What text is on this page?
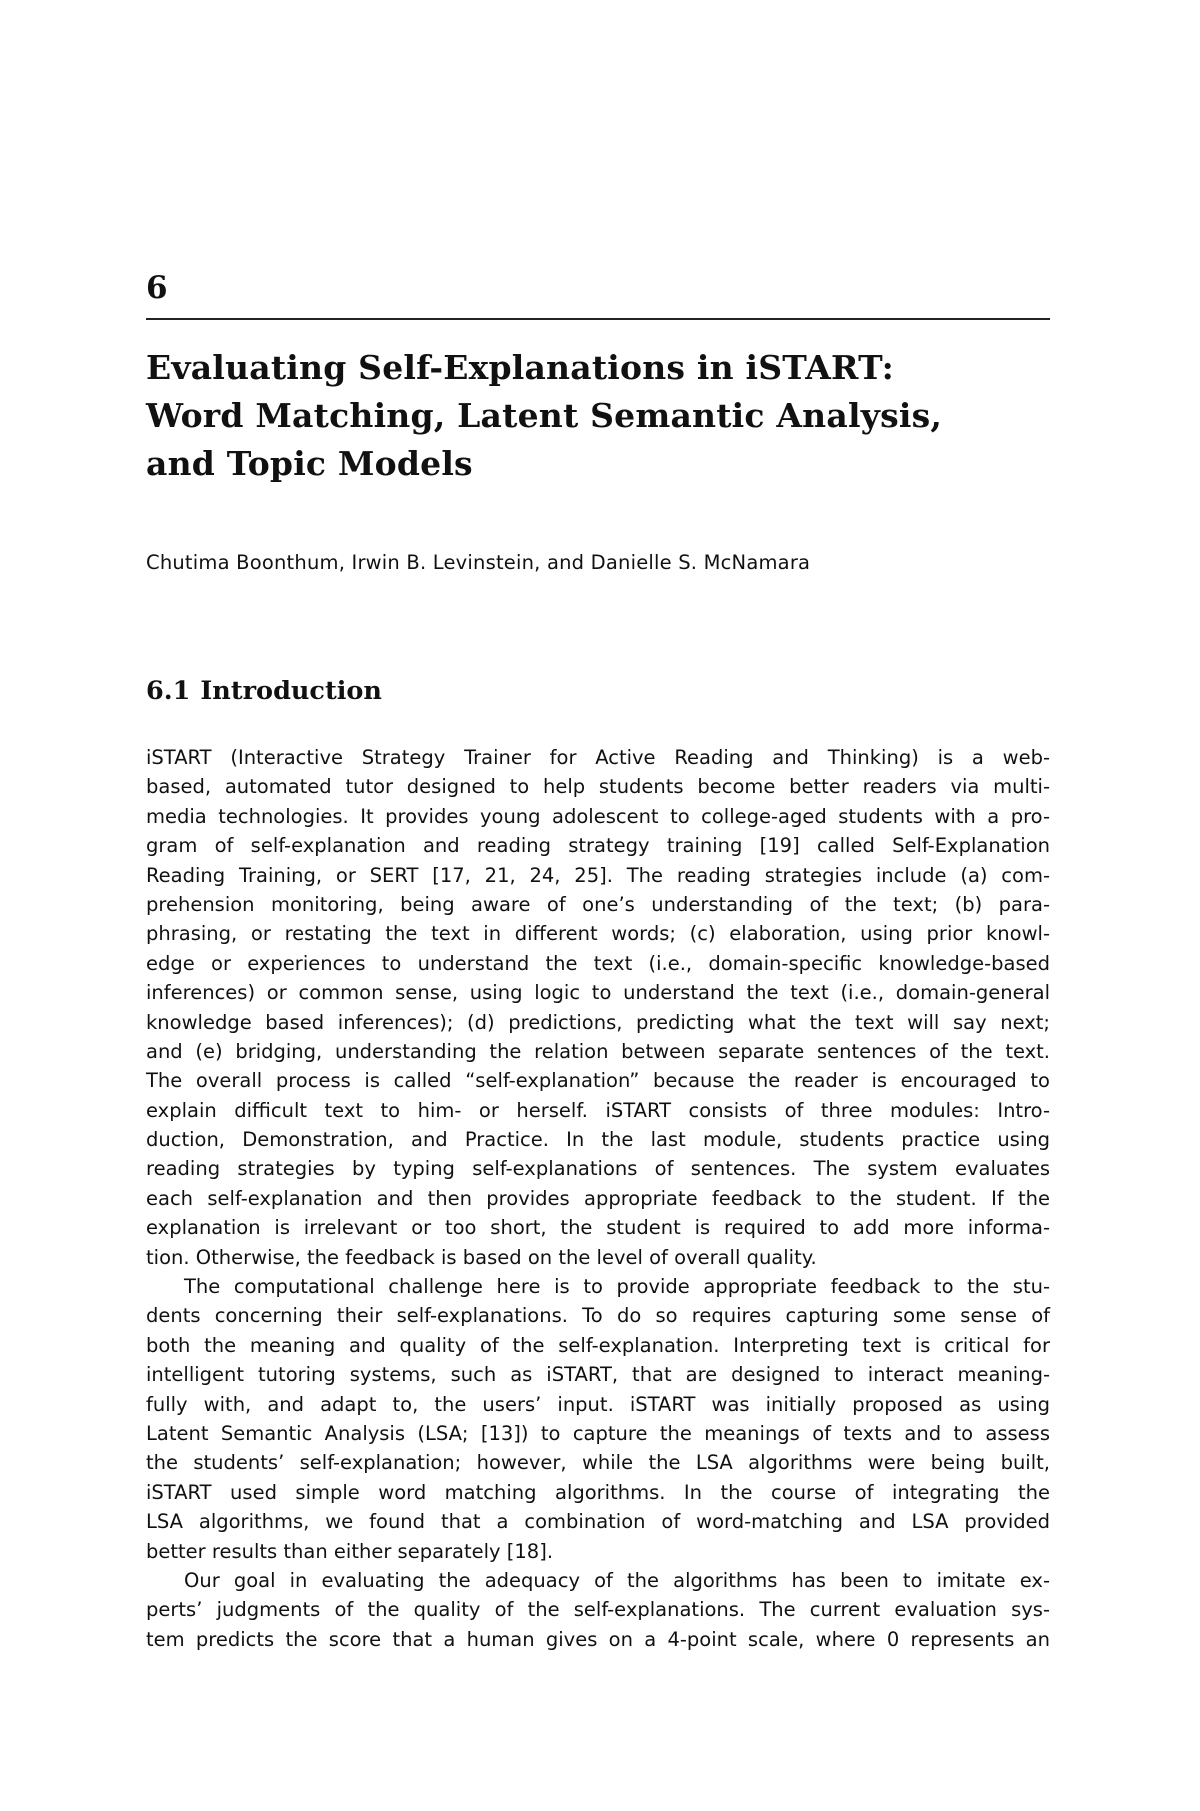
6
Evaluating Self-Explanations in iSTART:
Word Matching, Latent Semantic Analysis,
and Topic Models
Chutima Boonthum, Irwin B. Levinstein, and Danielle S. McNamara
6.1 Introduction
iSTART (Interactive Strategy Trainer for Active Reading and Thinking) is a web-
based, automated tutor designed to help students become better readers via multi-
media technologies. It provides young adolescent to college-aged students with a pro-
gram of self-explanation and reading strategy training [19] called Self-Explanation
Reading Training, or SERT [17, 21, 24, 25]. The reading strategies include (a) com-
prehension monitoring, being aware of one’s understanding of the text; (b) para-
phrasing, or restating the text in different words; (c) elaboration, using prior knowl-
edge or experiences to understand the text (i.e., domain-specific knowledge-based
inferences) or common sense, using logic to understand the text (i.e., domain-general
knowledge based inferences); (d) predictions, predicting what the text will say next;
and (e) bridging, understanding the relation between separate sentences of the text.
The overall process is called “self-explanation” because the reader is encouraged to
explain difficult text to him- or herself. iSTART consists of three modules: Intro-
duction, Demonstration, and Practice. In the last module, students practice using
reading strategies by typing self-explanations of sentences. The system evaluates
each self-explanation and then provides appropriate feedback to the student. If the
explanation is irrelevant or too short, the student is required to add more informa-
tion. Otherwise, the feedback is based on the level of overall quality.
The computational challenge here is to provide appropriate feedback to the stu-
dents concerning their self-explanations. To do so requires capturing some sense of
both the meaning and quality of the self-explanation. Interpreting text is critical for
intelligent tutoring systems, such as iSTART, that are designed to interact meaning-
fully with, and adapt to, the users’ input. iSTART was initially proposed as using
Latent Semantic Analysis (LSA; [13]) to capture the meanings of texts and to assess
the students’ self-explanation; however, while the LSA algorithms were being built,
iSTART used simple word matching algorithms. In the course of integrating the
LSA algorithms, we found that a combination of word-matching and LSA provided
better results than either separately [18].
Our goal in evaluating the adequacy of the algorithms has been to imitate ex-
perts’ judgments of the quality of the self-explanations. The current evaluation sys-
tem predicts the score that a human gives on a 4-point scale, where 0 represents an
